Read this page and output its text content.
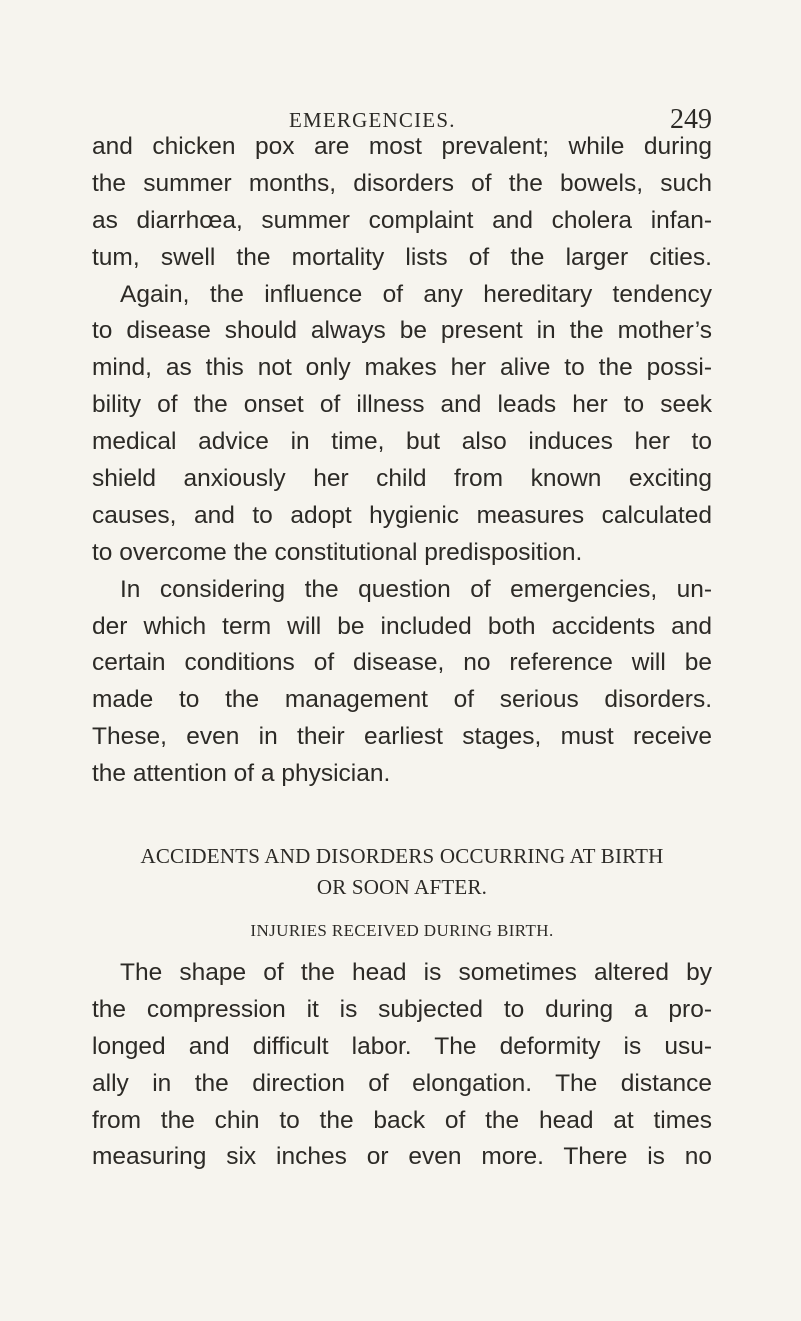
EMERGENCIES.	249
and chicken pox are most prevalent; while during
the summer months, disorders of the bowels, such
as diarrhœa, summer complaint and cholera infan-
tum, swell the mortality lists of the larger cities.
Again, the influence of any hereditary tendency
to disease should always be present in the mother’s
mind, as this not only makes her alive to the possi-
bility of the onset of illness and leads her to seek
medical advice in time, but also induces her to
shield anxiously her child from known exciting
causes, and to adopt hygienic measures calculated
to overcome the constitutional predisposition.
In considering the question of emergencies, un-
der which term will be included both accidents and
certain conditions of disease, no reference will be
made to the management of serious disorders.
These, even in their earliest stages, must receive
the attention of a physician.
ACCIDENTS AND DISORDERS OCCURRING AT BIRTH
OR SOON AFTER.
INJURIES RECEIVED DURING BIRTH.
The shape of the head is sometimes altered by
the compression it is subjected to during a pro-
longed and difficult labor. The deformity is usu-
ally in the direction of elongation. The distance
from the chin to the back of the head at times
measuring six inches or even more. There is no
